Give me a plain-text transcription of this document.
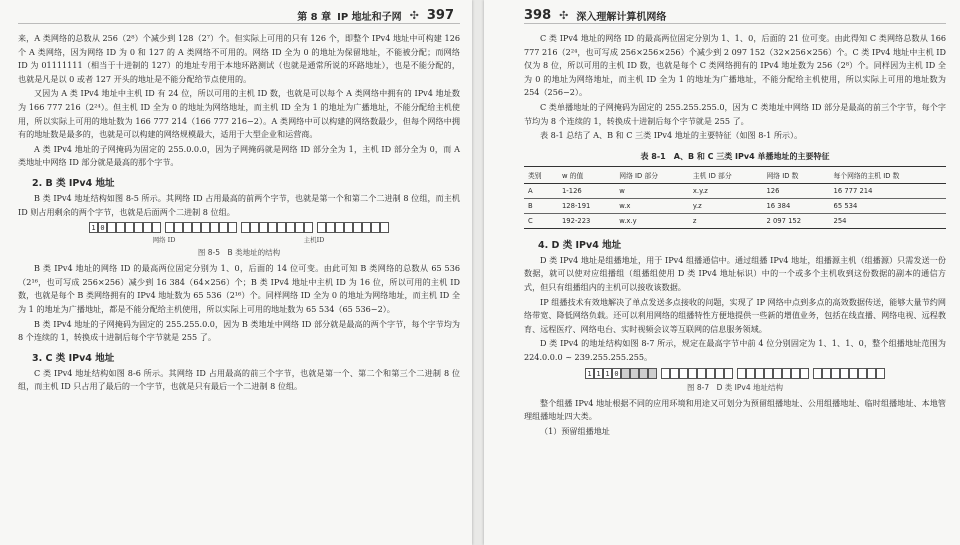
第 8 章 IP 地址和子网 ✣ 397

来，A 类网络的总数从 256（2⁸）个减少到 128（2⁷）个。但实际上可用的只有 126 个，即整个 IPv4 地址中可构建 126 个 A 类网络，因为网络 ID 为 0 和 127 的 A 类网络不可用的。网络 ID 全为 0 的地址为保留地址，不能被分配；而网络 ID 为 01111111（相当于十进制的 127）的地址专用于本地环路测试（也就是通常所说的环路地址），也是不能分配的，也就是凡是以 0 或者 127 开头的地址是不能分配给节点使用的。

又因为 A 类 IPv4 地址中主机 ID 有 24 位，所以可用的主机 ID 数，也就是可以每个 A 类网络中拥有的 IPv4 地址数为 166 777 216（2²⁴）。但主机 ID 全为 0 的地址为网络地址，而主机 ID 全为 1 的地址为广播地址，不能分配给主机使用，所以实际上可用的地址数为 166 777 214（166 777 216−2）。A 类网络中可以构建的网络数最少，但每个网络中拥有的地址数是最多的，也就是可以构建的网络规模最大，适用于大型企业和运营商。

A 类 IPv4 地址的子网掩码为固定的 255.0.0.0，因为子网掩码就是网络 ID 部分全为 1，主机 ID 部分全为 0，而 A 类地址中网络 ID 部分就是最高的那个字节。

2. B 类 IPv4 地址

B 类 IPv4 地址结构如图 8-5 所示。其网络 ID 占用最高的前两个字节，也就是第一个和第二个二进制 8 位组，而主机 ID 则占用剩余的两个字节，也就是后面两个二进制 8 位组。

1 0
网络 ID	主机ID
图 8-5　B 类地址的结构

B 类 IPv4 地址的网络 ID 的最高两位固定分别为 1、0，后面的 14 位可变。由此可知 B 类网络的总数从 65 536（2¹⁶，也可写成 256×256）减少到 16 384（64×256）个；B 类 IPv4 地址中主机 ID 为 16 位，所以可用的主机 ID 数，也就是每个 B 类网络拥有的 IPv4 地址数为 65 536（2¹⁶）个。同样网络 ID 全为 0 的地址为网络地址，而主机 ID 全为 1 的地址为广播地址，都是不能分配给主机使用，所以实际上可用的地址数为 65 534（65 536−2）。

B 类 IPv4 地址的子网掩码为固定的 255.255.0.0，因为 B 类地址中网络 ID 部分就是最高的两个字节，每个字节均为 8 个连续的 1，转换成十进制后每个字节就是 255 了。

3. C 类 IPv4 地址

C 类 IPv4 地址结构如图 8-6 所示。其网络 ID 占用最高的前三个字节，也就是第一个、第二个和第三个二进制 8 位组，而主机 ID 只占用了最后的一个字节，也就是只有最后一个二进制 8 位组。

398 ✣ 深入理解计算机网络

C 类 IPv4 地址的网络 ID 的最高两位固定分别为 1、1、0，后面的 21 位可变。由此得知 C 类网络总数从 166 777 216（2²⁴，也可写成 256×256×256）个减少到 2 097 152（32×256×256）个。C 类 IPv4 地址中主机 ID 仅为 8 位，所以可用的主机 ID 数，也就是每个 C 类网络拥有的 IPv4 地址数为 256（2⁸）个。同样因为主机 ID 全为 0 的地址为网络地址，而主机 ID 全为 1 的地址为广播地址，不能分配给主机使用，所以实际上可用的地址数为 254（256−2）。

C 类单播地址的子网掩码为固定的 255.255.255.0，因为 C 类地址中网络 ID 部分是最高的前三个字节，每个字节均为 8 个连续的 1，转换成十进制后每个字节就是 255 了。

表 8-1 总结了 A、B 和 C 三类 IPv4 地址的主要特征（如图 8-1 所示）。

表 8-1　A、B 和 C 三类 IPv4 单播地址的主要特征
类别	w 的值	网络 ID 部分	主机 ID 部分	网络 ID 数	每个网络的主机 ID 数
A	1-126	w	x.y.z	126	16 777 214
B	128-191	w.x	y.z	16 384	65 534
C	192-223	w.x.y	z	2 097 152	254
4. D 类 IPv4 地址

D 类 IPv4 地址是组播地址，用于 IPv4 组播通信中。通过组播 IPv4 地址，组播源主机（组播源）只需发送一份数据，就可以使对应组播组（组播组使用 D 类 IPv4 地址标识）中的一个或多个主机收到这份数据的副本的通信方式，但只有组播组内的主机可以接收该数据。

IP 组播技术有效地解决了单点发送多点接收的问题，实现了 IP 网络中点到多点的高效数据传送，能够大量节约网络带宽、降低网络负载。还可以利用网络的组播特性方便地提供一些新的增值业务，包括在线直播、网络电视、远程教育、远程医疗、网络电台、实时视频会议等互联网的信息服务领域。

D 类 IPv4 的地址结构如图 8-7 所示，规定在最高字节中前 4 位分别固定为 1、1、1、0，整个组播地址范围为 224.0.0.0 ~ 239.255.255.255。

1 1 1 0
图 8-7　D 类 IPv4 地址结构

整个组播 IPv4 地址根据不同的应用环境和用途又可划分为预留组播地址、公用组播地址、临时组播地址、本地管理组播地址四大类。

（1）预留组播地址
